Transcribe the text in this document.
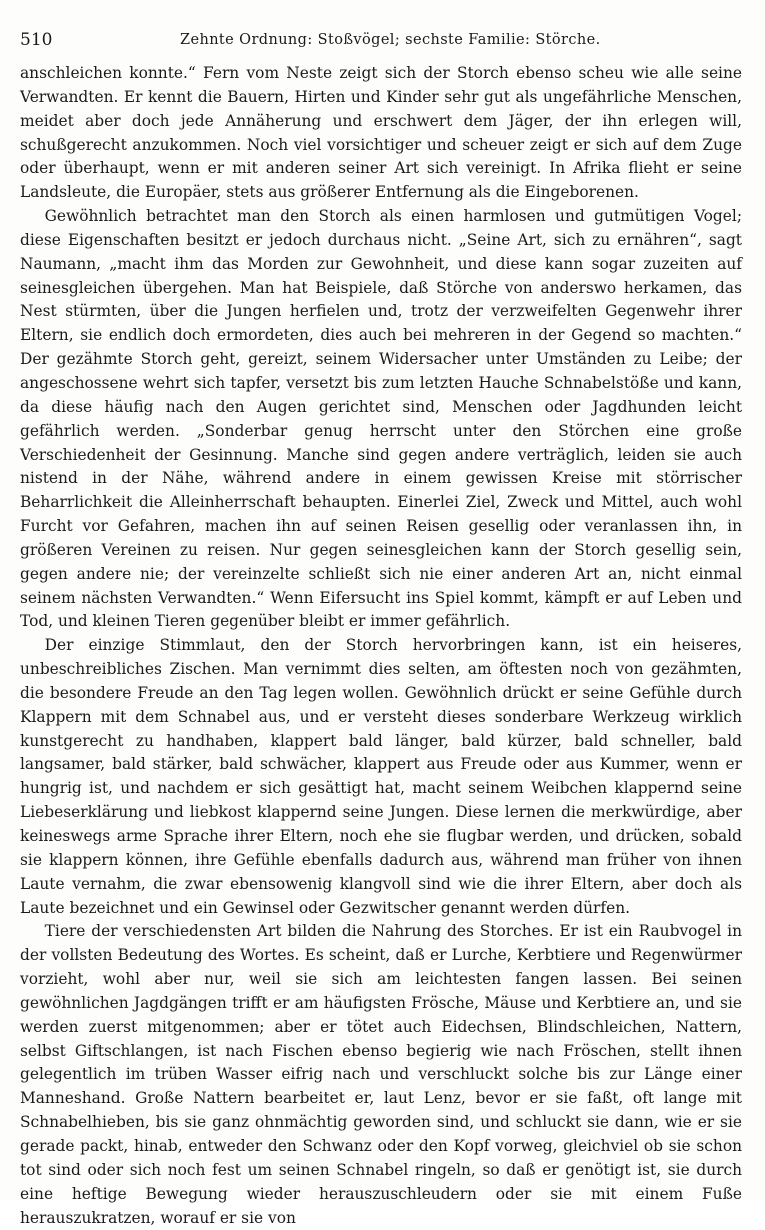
510	Zehnte Ordnung: Stoßvögel; sechste Familie: Störche.

anschleichen konnte.“ Fern vom Neste zeigt sich der Storch ebenso scheu wie alle seine Verwandten. Er kennt die Bauern, Hirten und Kinder sehr gut als ungefährliche Menschen, meidet aber doch jede Annäherung und erschwert dem Jäger, der ihn erlegen will, schußgerecht anzukommen. Noch viel vorsichtiger und scheuer zeigt er sich auf dem Zuge oder überhaupt, wenn er mit anderen seiner Art sich vereinigt. In Afrika flieht er seine Landsleute, die Europäer, stets aus größerer Entfernung als die Eingeborenen.

Gewöhnlich betrachtet man den Storch als einen harmlosen und gutmütigen Vogel; diese Eigenschaften besitzt er jedoch durchaus nicht. „Seine Art, sich zu ernähren“, sagt Naumann, „macht ihm das Morden zur Gewohnheit, und diese kann sogar zuzeiten auf seinesgleichen übergehen. Man hat Beispiele, daß Störche von anderswo herkamen, das Nest stürmten, über die Jungen herfielen und, trotz der verzweifelten Gegenwehr ihrer Eltern, sie endlich doch ermordeten, dies auch bei mehreren in der Gegend so machten.“ Der gezähmte Storch geht, gereizt, seinem Widersacher unter Umständen zu Leibe; der angeschossene wehrt sich tapfer, versetzt bis zum letzten Hauche Schnabelstöße und kann, da diese häufig nach den Augen gerichtet sind, Menschen oder Jagdhunden leicht gefährlich werden. „Sonderbar genug herrscht unter den Störchen eine große Verschiedenheit der Gesinnung. Manche sind gegen andere verträglich, leiden sie auch nistend in der Nähe, während andere in einem gewissen Kreise mit störrischer Beharrlichkeit die Alleinherrschaft behaupten. Einerlei Ziel, Zweck und Mittel, auch wohl Furcht vor Gefahren, machen ihn auf seinen Reisen gesellig oder veranlassen ihn, in größeren Vereinen zu reisen. Nur gegen seinesgleichen kann der Storch gesellig sein, gegen andere nie; der vereinzelte schließt sich nie einer anderen Art an, nicht einmal seinem nächsten Verwandten.“ Wenn Eifersucht ins Spiel kommt, kämpft er auf Leben und Tod, und kleinen Tieren gegenüber bleibt er immer gefährlich.

Der einzige Stimmlaut, den der Storch hervorbringen kann, ist ein heiseres, unbeschreibliches Zischen. Man vernimmt dies selten, am öftesten noch von gezähmten, die besondere Freude an den Tag legen wollen. Gewöhnlich drückt er seine Gefühle durch Klappern mit dem Schnabel aus, und er versteht dieses sonderbare Werkzeug wirklich kunstgerecht zu handhaben, klappert bald länger, bald kürzer, bald schneller, bald langsamer, bald stärker, bald schwächer, klappert aus Freude oder aus Kummer, wenn er hungrig ist, und nachdem er sich gesättigt hat, macht seinem Weibchen klappernd seine Liebeserklärung und liebkost klappernd seine Jungen. Diese lernen die merkwürdige, aber keineswegs arme Sprache ihrer Eltern, noch ehe sie flugbar werden, und drücken, sobald sie klappern können, ihre Gefühle ebenfalls dadurch aus, während man früher von ihnen Laute vernahm, die zwar ebensowenig klangvoll sind wie die ihrer Eltern, aber doch als Laute bezeichnet und ein Gewinsel oder Gezwitscher genannt werden dürfen.

Tiere der verschiedensten Art bilden die Nahrung des Storches. Er ist ein Raubvogel in der vollsten Bedeutung des Wortes. Es scheint, daß er Lurche, Kerbtiere und Regenwürmer vorzieht, wohl aber nur, weil sie sich am leichtesten fangen lassen. Bei seinen gewöhnlichen Jagdgängen trifft er am häufigsten Frösche, Mäuse und Kerbtiere an, und sie werden zuerst mitgenommen; aber er tötet auch Eidechsen, Blindschleichen, Nattern, selbst Giftschlangen, ist nach Fischen ebenso begierig wie nach Fröschen, stellt ihnen gelegentlich im trüben Wasser eifrig nach und verschluckt solche bis zur Länge einer Manneshand. Große Nattern bearbeitet er, laut Lenz, bevor er sie faßt, oft lange mit Schnabelhieben, bis sie ganz ohnmächtig geworden sind, und schluckt sie dann, wie er sie gerade packt, hinab, entweder den Schwanz oder den Kopf vorweg, gleichviel ob sie schon tot sind oder sich noch fest um seinen Schnabel ringeln, so daß er genötigt ist, sie durch eine heftige Bewegung wieder herauszuschleudern oder sie mit einem Fuße herauszukratzen, worauf er sie von
